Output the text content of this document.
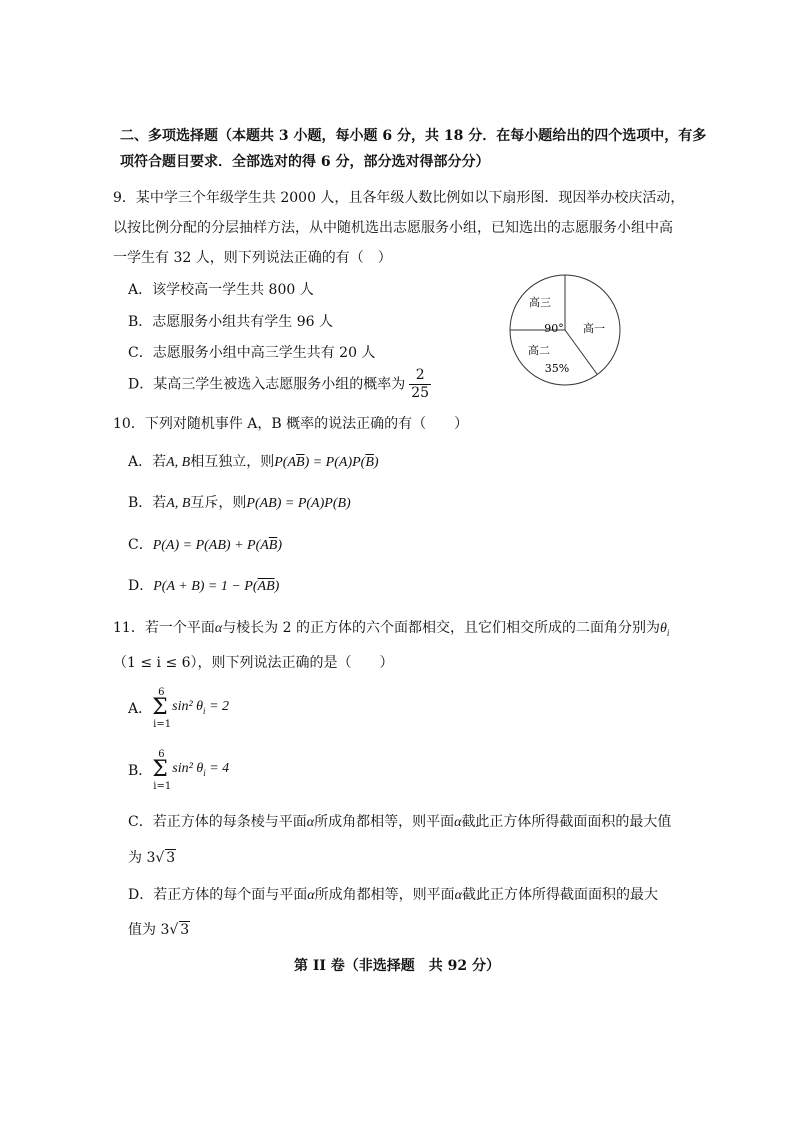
二、多项选择题（本题共 3 小题，每小题 6 分，共 18 分．在每小题给出的四个选项中，有多
项符合题目要求．全部选对的得 6 分，部分选对得部分分）
9．某中学三个年级学生共 2000 人，且各年级人数比例如以下扇形图．现因举办校庆活动，
以按比例分配的分层抽样方法，从中随机选出志愿服务小组，已知选出的志愿服务小组中高
一学生有 32 人，则下列说法正确的有（　）
A．该学校高一学生共 800 人
B．志愿服务小组共有学生 96 人
C．志愿服务小组中高三学生共有 20 人
D．某高三学生被选入志愿服务小组的概率为 $\frac{2}{25}$
高三
90° 高一
高二
35%
10．下列对随机事件 A，B 概率的说法正确的有（　　）
A．若A, B相互独立，则$P(A\overline{B}) = P(A)P(\overline{B})$
B．若A, B互斥，则P(AB) = P(A)P(B)
C．$P(A) = P(AB) + P(A\overline{B})$
D．$P(A + B) = 1 - P(\overline{AB})$
11．若一个平面α与棱长为 2 的正方体的六个面都相交，且它们相交所成的二面角分别为$\theta_i$
（1 ≤ i ≤ 6），则下列说法正确的是（　　）
A．
6
Σ
i=1
sin² $\theta_i = 2$
B．
6
Σ
i=1
sin² $\theta_i = 4$
C．若正方体的每条棱与平面α所成角都相等，则平面α截此正方体所得截面面积的最大值
为 3√ 3
D．若正方体的每个面与平面α所成角都相等，则平面α截此正方体所得截面面积的最大
值为 3√ 3
第 II 卷（非选择题　共 92 分）
